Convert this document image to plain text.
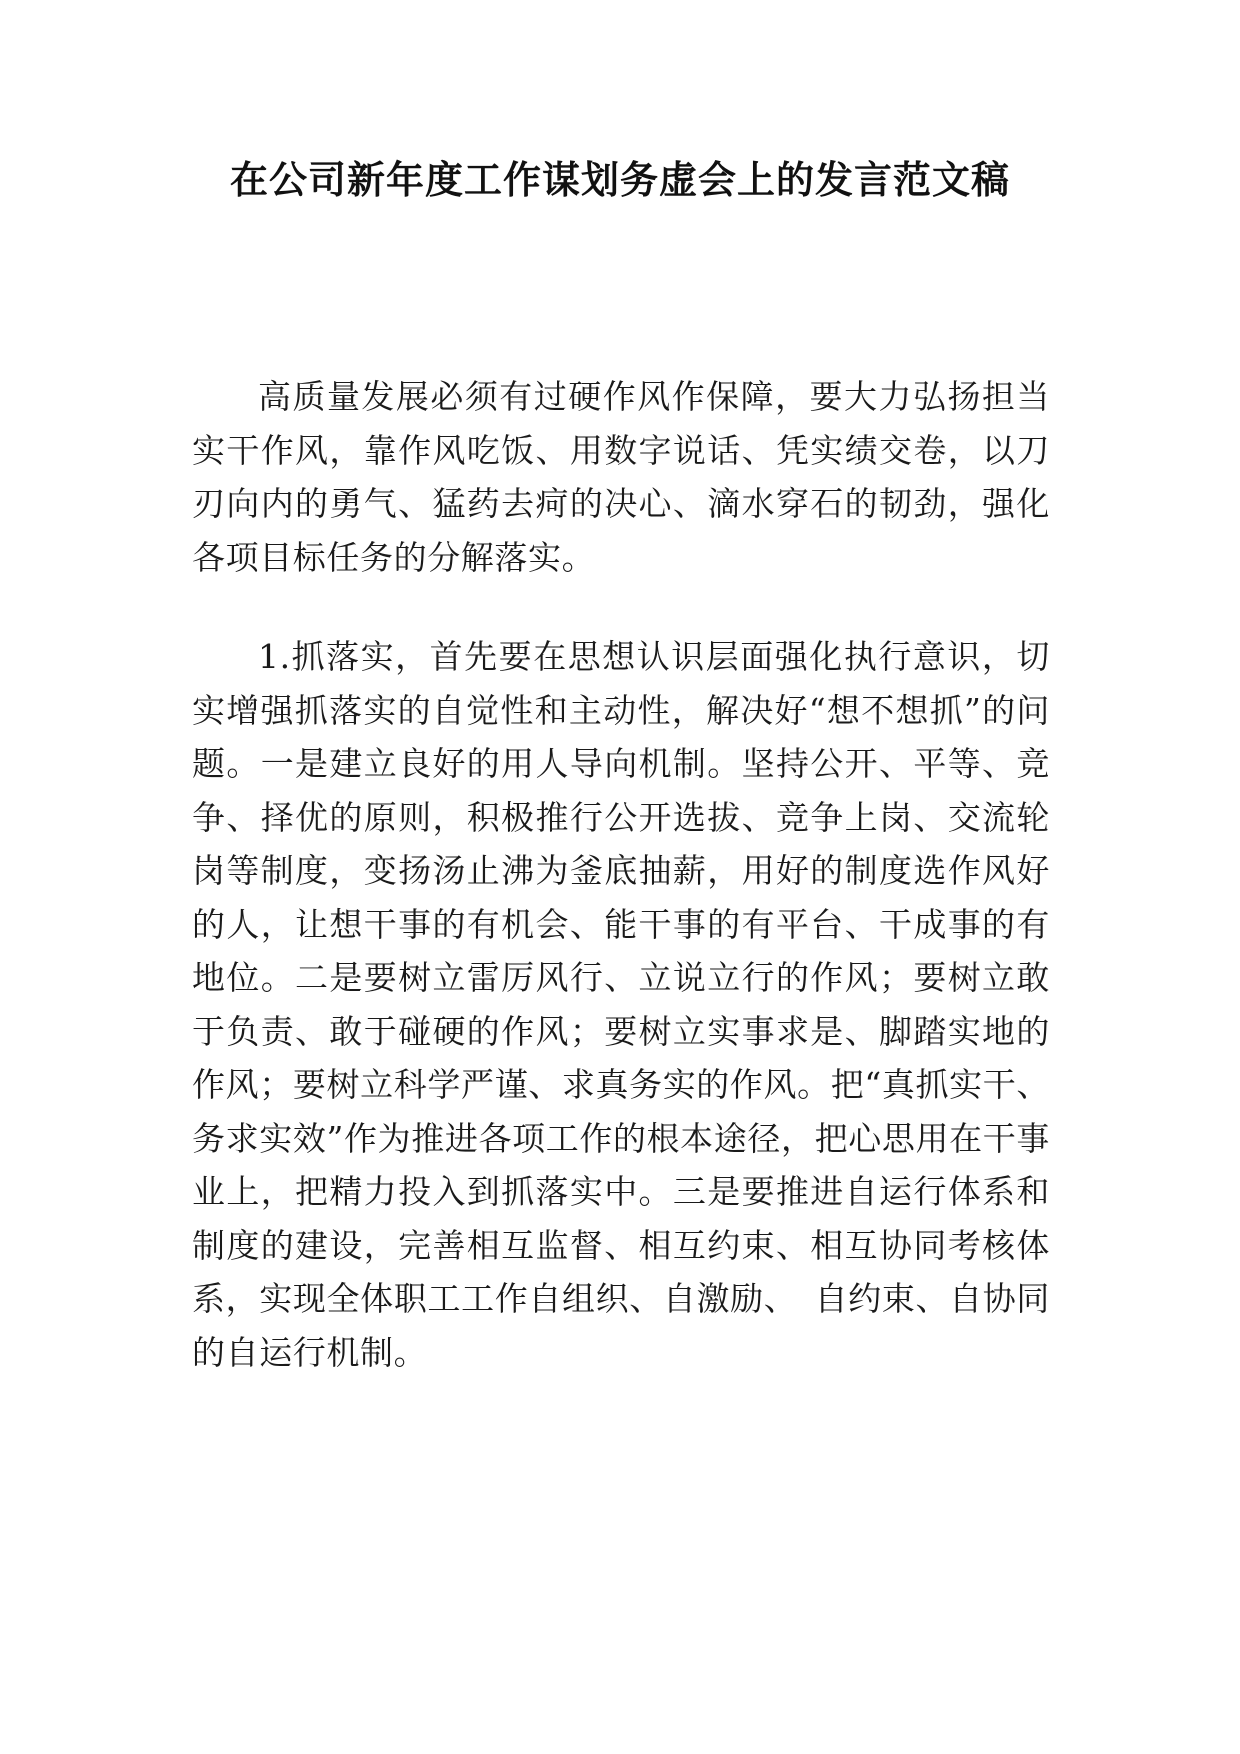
在公司新年度工作谋划务虚会上的发言范文稿

高质量发展必须有过硬作风作保障，要大力弘扬担当实干作风，靠作风吃饭、用数字说话、凭实绩交卷，以刀刃向内的勇气、猛药去疴的决心、滴水穿石的韧劲，强化各项目标任务的分解落实。

1.抓落实，首先要在思想认识层面强化执行意识，切实增强抓落实的自觉性和主动性，解决好“想不想抓”的问题。一是建立良好的用人导向机制。坚持公开、平等、竞争、择优的原则，积极推行公开选拔、竞争上岗、交流轮岗等制度，变扬汤止沸为釜底抽薪，用好的制度选作风好的人，让想干事的有机会、能干事的有平台、干成事的有地位。二是要树立雷厉风行、立说立行的作风；要树立敢于负责、敢于碰硬的作风；要树立实事求是、脚踏实地的作风；要树立科学严谨、求真务实的作风。把“真抓实干、务求实效”作为推进各项工作的根本途径，把心思用在干事业上，把精力投入到抓落实中。三是要推进自运行体系和制度的建设，完善相互监督、相互约束、相互协同考核体系，实现全体职工工作自组织、自激励、　自约束、自协同的自运行机制。
